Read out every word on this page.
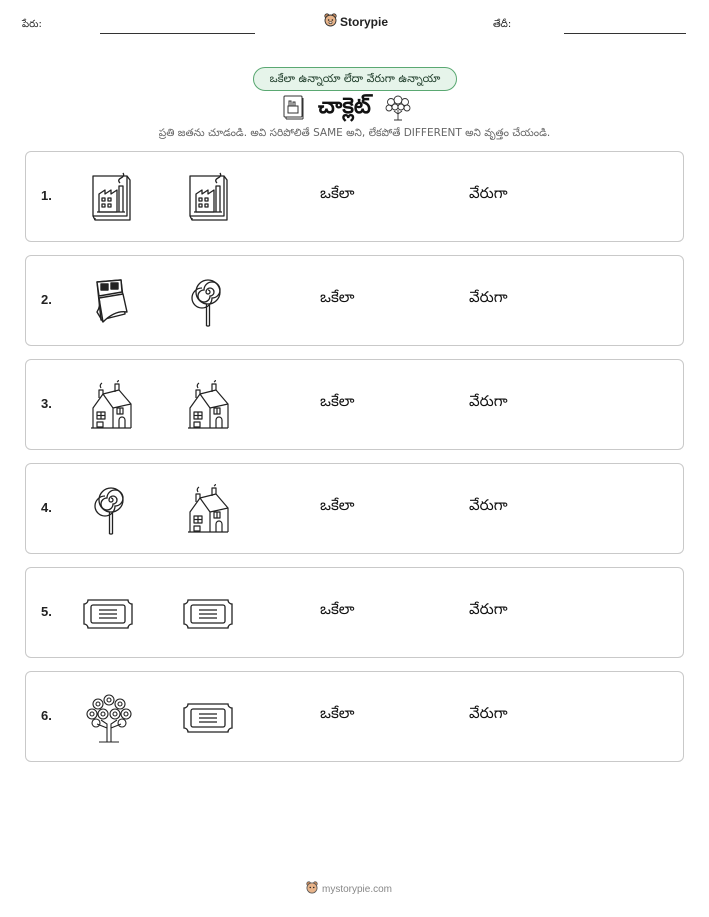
పేరు:	Storypie	తేదీ:
ఒకేలా ఉన్నాయా లేదా వేరుగా ఉన్నాయా
చాక్లెట్
ప్రతి జతను చూడండి. అవి సరిపోలితే SAME అని, లేకపోతే DIFFERENT అని వృత్తం చేయండి.
1.	ఒకేలా	వేరుగా
2.	ఒకేలా	వేరుగా
3.	ఒకేలా	వేరుగా
4.	ఒకేలా	వేరుగా
5.	ఒకేలా	వేరుగా
6.	ఒకేలా	వేరుగా
mystorypie.com
